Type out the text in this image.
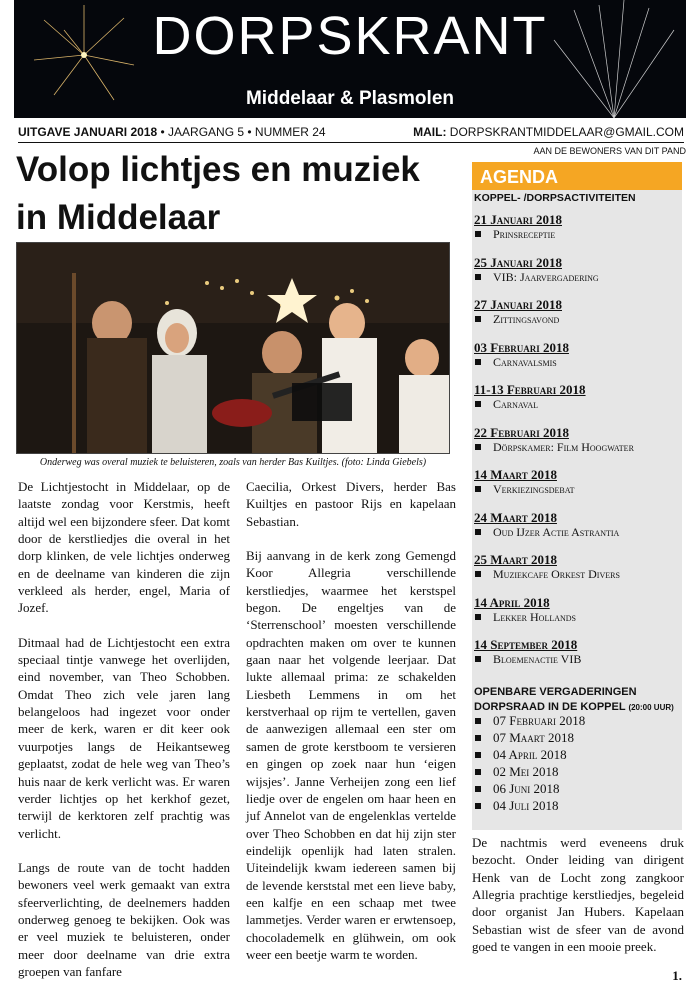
DORPSKRANT
Middelaar & Plasmolen
UITGAVE JANUARI 2018 • JAARGANG 5 • NUMMER 24	MAIL: DORPSKRANTMIDDELAAR@GMAIL.COM
AAN DE BEWONERS VAN DIT PAND
Volop lichtjes en muziek in Middelaar
Onderweg was overal muziek te beluisteren, zoals van herder Bas Kuiltjes. (foto: Linda Giebels)

De Lichtjestocht in Middelaar, op de laatste zondag voor Kerstmis, heeft altijd wel een bijzondere sfeer. Dat komt door de kerstliedjes die overal in het dorp klinken, de vele lichtjes onderweg en de deelname van kinderen die zijn verkleed als herder, engel, Maria of Jozef.

Ditmaal had de Lichtjestocht een extra speciaal tintje vanwege het overlijden, eind november, van Theo Schobben. Omdat Theo zich vele jaren lang belangeloos had ingezet voor onder meer de kerk, waren er dit keer ook vuurpotjes langs de Heikantseweg geplaatst, zodat de hele weg van Theo’s huis naar de kerk verlicht was. Er waren verder lichtjes op het kerkhof gezet, terwijl de kerktoren zelf prachtig was verlicht.

Langs de route van de tocht hadden bewoners veel werk gemaakt van extra sfeerverlichting, de deelnemers hadden onderweg genoeg te bekijken. Ook was er veel muziek te beluisteren, onder meer door deelname van drie extra groepen van fanfare

Caecilia, Orkest Divers, herder Bas Kuiltjes en pastoor Rijs en kapelaan Sebastian.

Bij aanvang in de kerk zong Gemengd Koor Allegria verschillende kerstliedjes, waarmee het kerstspel begon. De engeltjes van de ‘Sterrenschool’ moesten verschillende opdrachten maken om over te kunnen gaan naar het volgende leerjaar. Dat lukte allemaal prima: ze schakelden Liesbeth Lemmens in om het kerstverhaal op rijm te vertellen, gaven de aanwezigen allemaal een ster om samen de grote kerstboom te versieren en gingen op zoek naar hun ‘eigen wijsjes’. Janne Verheijen zong een lief liedje over de engelen om haar heen en juf Annelot van de engelenklas vertelde over Theo Schobben en dat hij zijn ster eindelijk openlijk had laten stralen. Uiteindelijk kwam iedereen samen bij de levende kerststal met een lieve baby, een kalfje en een schaap met twee lammetjes. Verder waren er erwtensoep, chocolademelk en glühwein, om ook weer een beetje warm te worden.

AGENDA
KOPPEL- /DORPSACTIVITEITEN
21 Januari 2018
Prinsreceptie
25 Januari 2018
VIB: Jaarvergadering
27 Januari 2018
Zittingsavond
03 Februari 2018
Carnavalsmis
11-13 Februari 2018
Carnaval
22 Februari 2018
Dörpskamer: Film Hoogwater
14 Maart 2018
Verkiezingsdebat
24 Maart 2018
Oud IJzer Actie Astrantia
25 Maart 2018
Muziekcafe Orkest Divers
14 April 2018
Lekker Hollands
14 September 2018
Bloemenactie VIB
OPENBARE VERGADERINGEN
DORPSRAAD IN DE KOPPEL (20:00 UUR)
07 Februari 2018
07 Maart 2018
04 April 2018
02 Mei 2018
06 Juni 2018
04 Juli 2018
De nachtmis werd eveneens druk bezocht. Onder leiding van dirigent Henk van de Locht zong zangkoor Allegria prachtige kerstliedjes, begeleid door organist Jan Hubers. Kapelaan Sebastian wist de sfeer van de avond goed te vangen in een mooie preek.
1.
